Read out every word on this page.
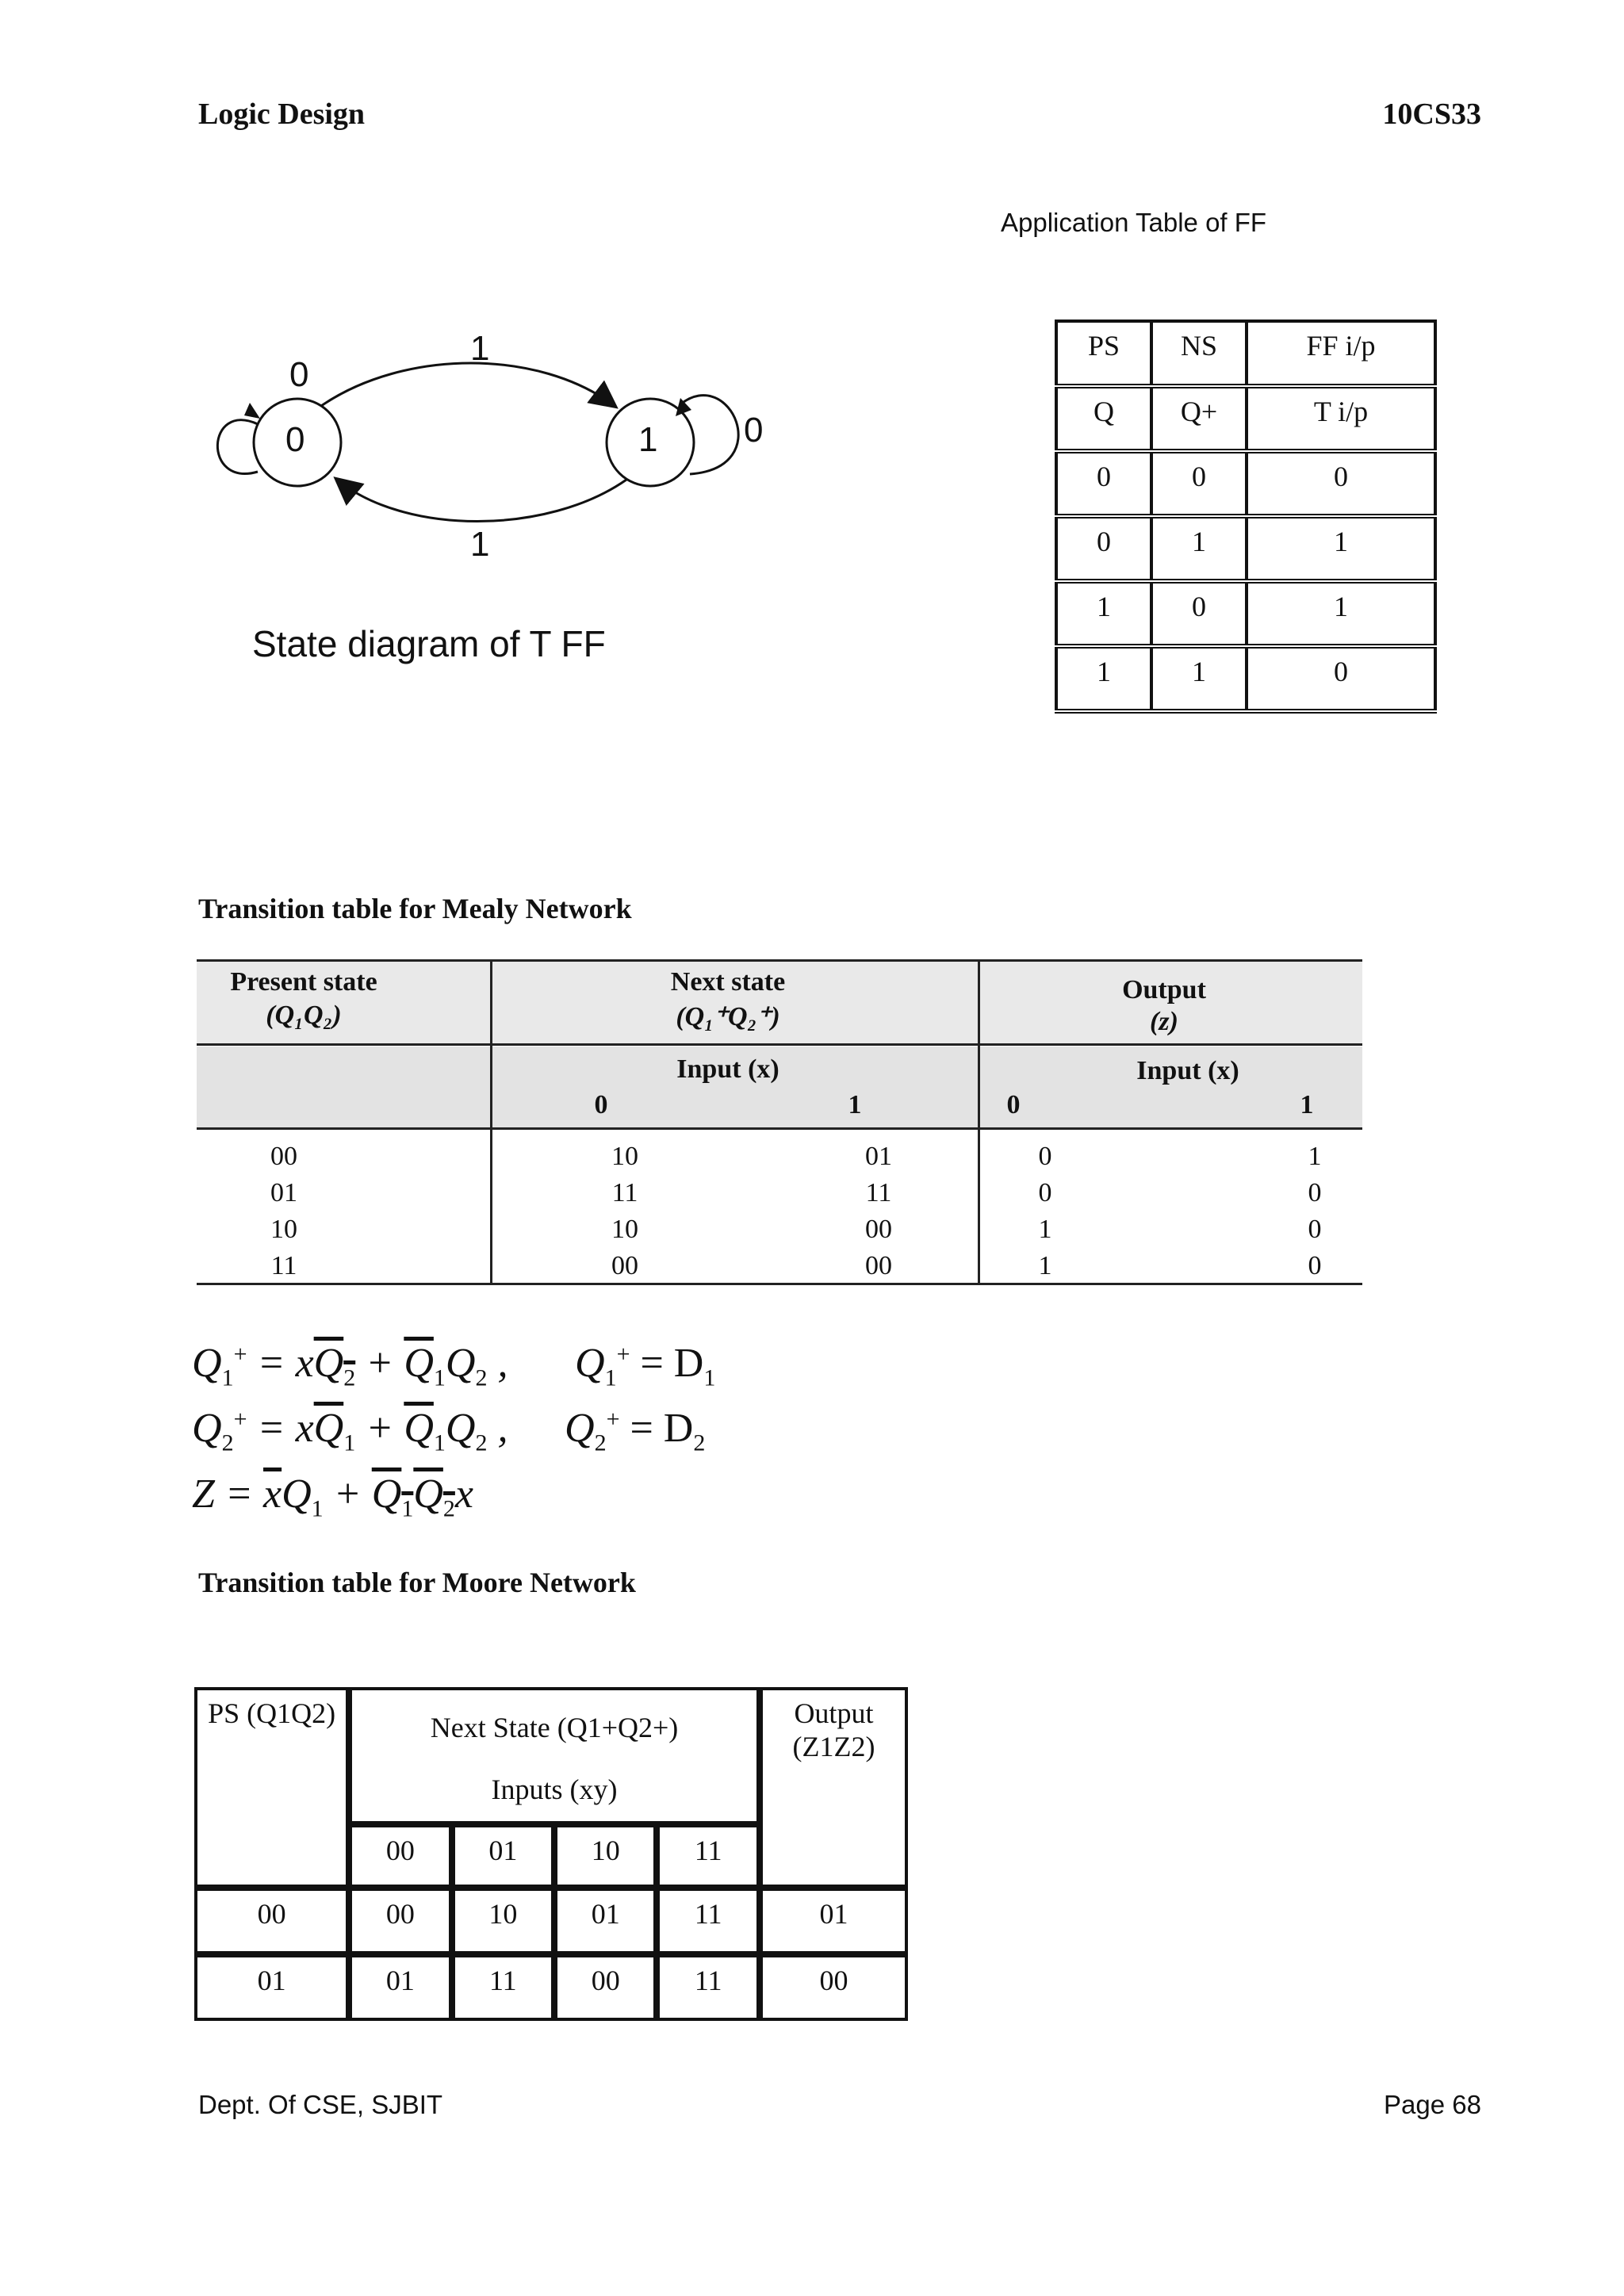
Logic Design	10CS33
0
0	1 0
1
1
State diagram of T FF
Application Table of FF
PS	NS	FF i/p
Q	Q+	T i/p
0	0	0
0	1	1
1	0	1
1	1	0
Transition table for Mealy Network
Present state
(Q₁Q₂)
Next state
(Q₁⁺Q₂⁺)
Output
(z)
Input (x)	Input (x)
0	1	0	1
00	10	01	0	1
01	11	11	0	0
10	10	00	1	0
11	00	00	1	0
$Q_1^+ = xQ_2 + \overline{Q}_1Q_2$ , $Q_1^+ = D_1$
$Q_2^+ = x\overline{Q}_1 + \overline{Q}_1Q_2$ , $Q_2^+ = D_2$
$Z = \overline{x}Q_1 + Q_1Q_2x$
Transition table for Moore Network
PS (Q1Q2)	Next State (Q1+Q2+)
Inputs (xy)				Output (Z1Z2)
	00	01	10	11	
00	00	10	01	11	01
01	01	11	00	11	00
Dept. Of CSE, SJBIT	Page 68
